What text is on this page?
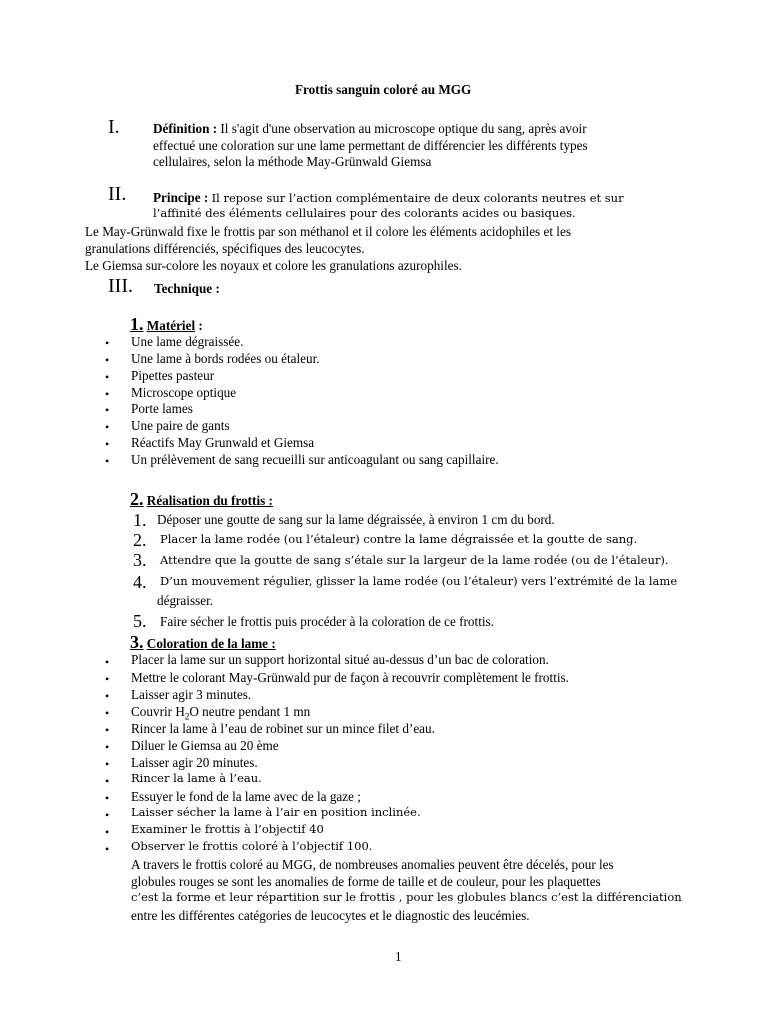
Frottis sanguin coloré au MGG
I.	Définition : Il s'agit d'une observation au microscope optique du sang, après avoir
effectué une coloration sur une lame permettant de différencier les différents types
cellulaires, selon la méthode May-Grünwald Giemsa
II. Principe : Il repose sur l’action complémentaire de deux colorants neutres et sur
l’affinité des éléments cellulaires pour des colorants acides ou basiques.
Le May-Grünwald fixe le frottis par son méthanol et il colore les éléments acidophiles et les
granulations différenciés, spécifiques des leucocytes.
Le Giemsa sur-colore les noyaux et colore les granulations azurophiles.
III. Technique :
1. Matériel :
• Une lame dégraissée.
• Une lame à bords rodées ou étaleur.
• Pipettes pasteur
• Microscope optique
• Porte lames
• Une paire de gants
• Réactifs May Grunwald et Giemsa
• Un prélèvement de sang recueilli sur anticoagulant ou sang capillaire.
2. Réalisation du frottis :
1. Déposer une goutte de sang sur la lame dégraissée, à environ 1 cm du bord.
2. Placer la lame rodée (ou l’étaleur) contre la lame dégraissée et la goutte de sang.
3. Attendre que la goutte de sang s’étale sur la largeur de la lame rodée (ou de l’étaleur).
4. D’un mouvement régulier, glisser la lame rodée (ou l’étaleur) vers l’extrémité de la lame
dégraisser.
5. Faire sécher le frottis puis procéder à la coloration de ce frottis.
3. Coloration de la lame :
• Placer la lame sur un support horizontal situé au-dessus d’un bac de coloration.
• Mettre le colorant May-Grünwald pur de façon à recouvrir complètement le frottis.
• Laisser agir 3 minutes.
• Couvrir $H_2O$ neutre pendant 1 mn
• Rincer la lame à l’eau de robinet sur un mince filet d’eau.
• Diluer le Giemsa au 20 ème
• Laisser agir 20 minutes.
• Rincer la lame à l’eau.
• Essuyer le fond de la lame avec de la gaze ;
• Laisser sécher la lame à l’air en position inclinée.
• Examiner le frottis à l’objectif 40
• Observer le frottis coloré à l’objectif 100.
A travers le frottis coloré au MGG, de nombreuses anomalies peuvent être décelés, pour les
globules rouges se sont les anomalies de forme de taille et de couleur, pour les plaquettes
c’est la forme et leur répartition sur le frottis , pour les globules blancs c’est la différenciation
entre les différentes catégories de leucocytes et le diagnostic des leucémies.
1
